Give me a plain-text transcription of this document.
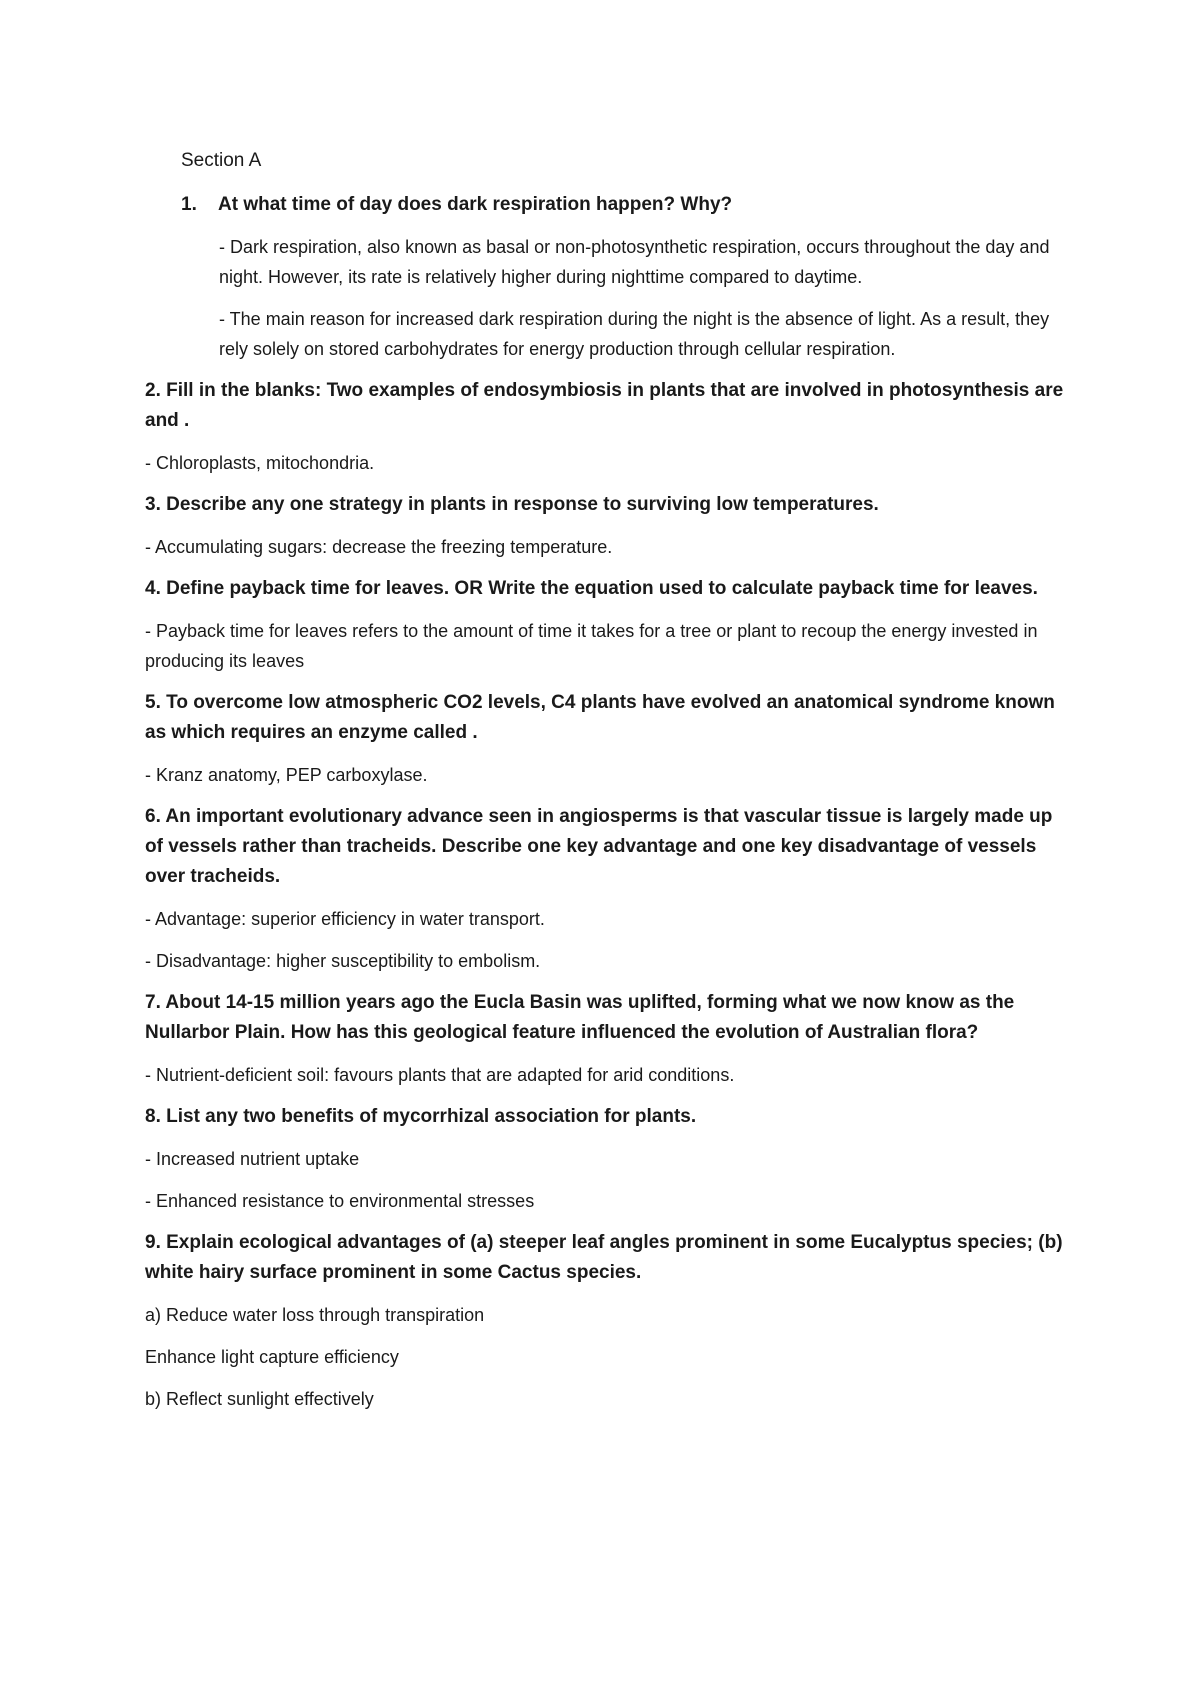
Section A

1.	At what time of day does dark respiration happen? Why?

- Dark respiration, also known as basal or non-photosynthetic respiration, occurs throughout the day and night. However, its rate is relatively higher during nighttime compared to daytime.

- The main reason for increased dark respiration during the night is the absence of light. As a result, they rely solely on stored carbohydrates for energy production through cellular respiration.

2. Fill in the blanks: Two examples of endosymbiosis in plants that are involved in photosynthesis are and .

- Chloroplasts, mitochondria.

3. Describe any one strategy in plants in response to surviving low temperatures.

- Accumulating sugars: decrease the freezing temperature.

4. Define payback time for leaves. OR Write the equation used to calculate payback time for leaves.

- Payback time for leaves refers to the amount of time it takes for a tree or plant to recoup the energy invested in producing its leaves

5. To overcome low atmospheric CO2 levels, C4 plants have evolved an anatomical syndrome known as which requires an enzyme called .

- Kranz anatomy, PEP carboxylase.

6. An important evolutionary advance seen in angiosperms is that vascular tissue is largely made up of vessels rather than tracheids. Describe one key advantage and one key disadvantage of vessels over tracheids.

- Advantage: superior efficiency in water transport.

- Disadvantage: higher susceptibility to embolism.

7. About 14-15 million years ago the Eucla Basin was uplifted, forming what we now know as the Nullarbor Plain. How has this geological feature influenced the evolution of Australian flora?

- Nutrient-deficient soil: favours plants that are adapted for arid conditions.

8. List any two benefits of mycorrhizal association for plants.

- Increased nutrient uptake

- Enhanced resistance to environmental stresses

9. Explain ecological advantages of (a) steeper leaf angles prominent in some Eucalyptus species; (b) white hairy surface prominent in some Cactus species.

a) Reduce water loss through transpiration

Enhance light capture efficiency

b) Reflect sunlight effectively
